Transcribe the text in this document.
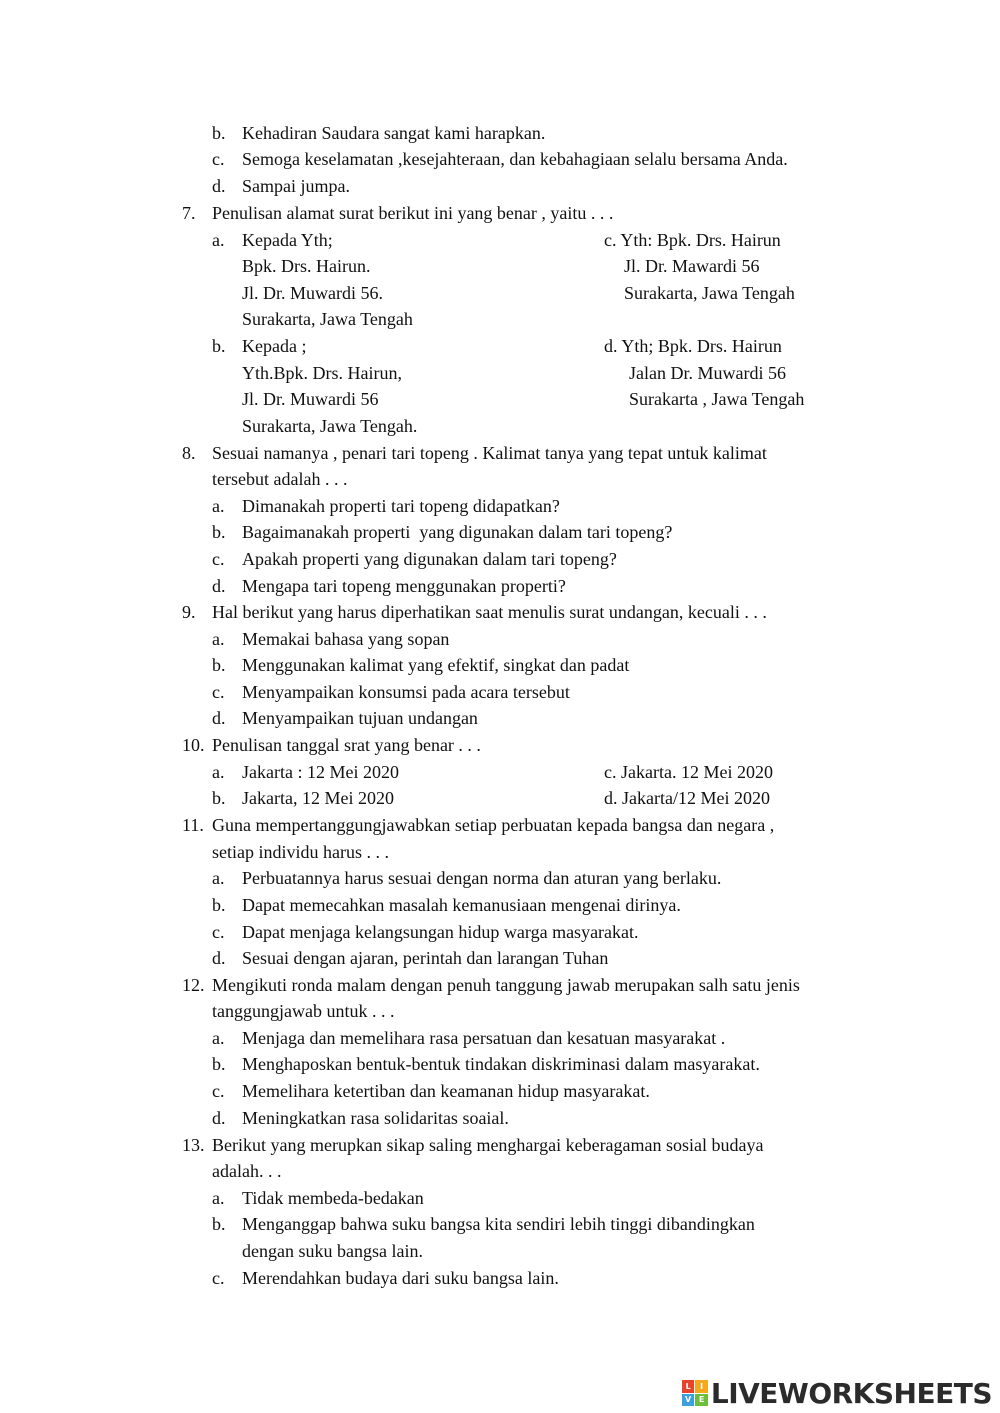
b. Kehadiran Saudara sangat kami harapkan.
c. Semoga keselamatan ,kesejahteraan, dan kebahagiaan selalu bersama Anda.
d. Sampai jumpa.
7. Penulisan alamat surat berikut ini yang benar , yaitu . . .
a. Kepada Yth;
Bpk. Drs. Hairun.
Jl. Dr. Muwardi 56.
Surakarta, Jawa Tengah
c. Yth: Bpk. Drs. Hairun
Jl. Dr. Mawardi 56
Surakarta, Jawa Tengah
b. Kepada ;
Yth.Bpk. Drs. Hairun,
Jl. Dr. Muwardi 56
Surakarta, Jawa Tengah.
d. Yth; Bpk. Drs. Hairun
Jalan Dr. Muwardi 56
Surakarta , Jawa Tengah
8. Sesuai namanya , penari tari topeng . Kalimat tanya yang tepat untuk kalimat
tersebut adalah . . .
a. Dimanakah properti tari topeng didapatkan?
b. Bagaimanakah properti  yang digunakan dalam tari topeng?
c. Apakah properti yang digunakan dalam tari topeng?
d. Mengapa tari topeng menggunakan properti?
9. Hal berikut yang harus diperhatikan saat menulis surat undangan, kecuali . . .
a. Memakai bahasa yang sopan
b. Menggunakan kalimat yang efektif, singkat dan padat
c. Menyampaikan konsumsi pada acara tersebut
d. Menyampaikan tujuan undangan
10. Penulisan tanggal srat yang benar . . .
a. Jakarta : 12 Mei 2020	c. Jakarta. 12 Mei 2020
b. Jakarta, 12 Mei 2020	d. Jakarta/12 Mei 2020
11. Guna mempertanggungjawabkan setiap perbuatan kepada bangsa dan negara ,
setiap individu harus . . .
a. Perbuatannya harus sesuai dengan norma dan aturan yang berlaku.
b. Dapat memecahkan masalah kemanusiaan mengenai dirinya.
c. Dapat menjaga kelangsungan hidup warga masyarakat.
d. Sesuai dengan ajaran, perintah dan larangan Tuhan
12. Mengikuti ronda malam dengan penuh tanggung jawab merupakan salh satu jenis
tanggungjawab untuk . . .
a. Menjaga dan memelihara rasa persatuan dan kesatuan masyarakat .
b. Menghaposkan bentuk-bentuk tindakan diskriminasi dalam masyarakat.
c. Memelihara ketertiban dan keamanan hidup masyarakat.
d. Meningkatkan rasa solidaritas soaial.
13. Berikut yang merupkan sikap saling menghargai keberagaman sosial budaya
adalah. . .
a. Tidak membeda-bedakan
b. Menganggap bahwa suku bangsa kita sendiri lebih tinggi dibandingkan
dengan suku bangsa lain.
c. Merendahkan budaya dari suku bangsa lain.
L	I
V E LIVEWORKSHEETS
